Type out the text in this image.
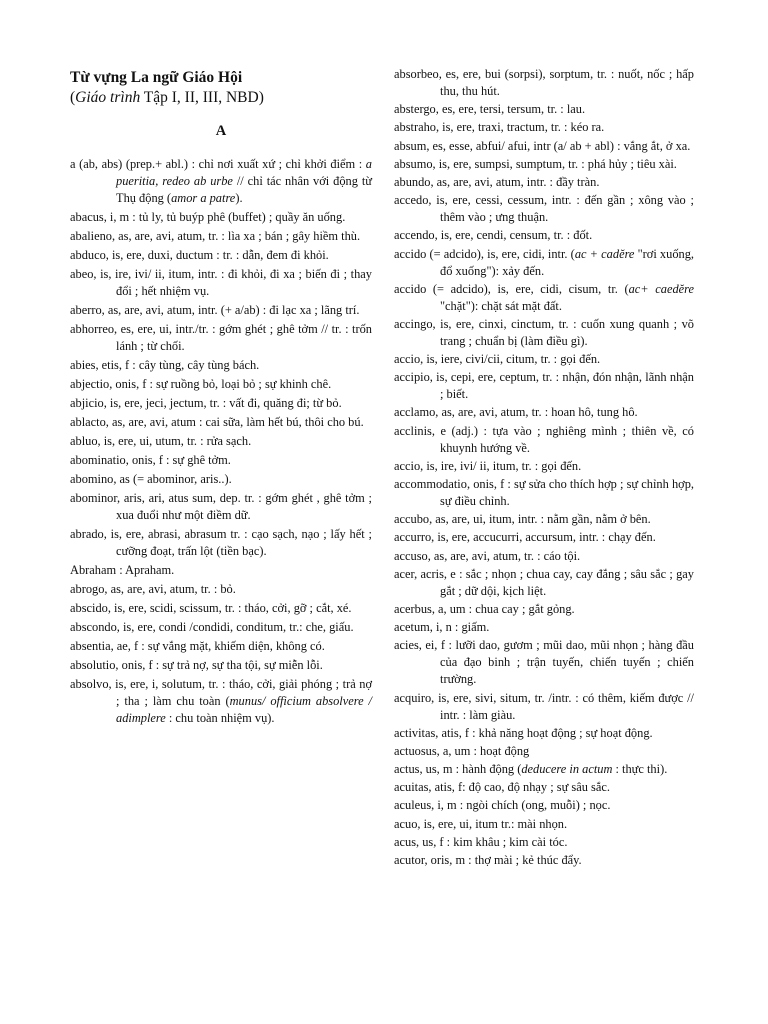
Từ vựng La ngữ Giáo Hội
(Giáo trình Tập I, II, III, NBD)
A

a (ab, abs) (prep.+ abl.) : chỉ nơi xuất xứ ; chỉ khởi điểm : a pueritia, redeo ab urbe // chỉ tác nhân với động từ Thụ động (amor a patre).

abacus, i, m : tủ ly, tủ buýp phê (buffet) ; quầy ăn uống.

abalieno, as, are, avi, atum, tr. : lìa xa ; bán ; gây hiềm thù.

abduco, is, ere, duxi, ductum : tr. : dẫn, đem đi khỏi.

abeo, is, ire, ivi/ ii, itum, intr. : đi khỏi, đi xa ; biến đi ; thay đổi ; hết nhiệm vụ.

aberro, as, are, avi, atum, intr. (+ a/ab) : đi lạc xa ; lãng trí.

abhorreo, es, ere, ui, intr./tr. : gớm ghét ; ghê tởm // tr. : trốn lánh ; từ chối.

abies, etis, f : cây tùng, cây tùng bách.

abjectio, onis, f : sự ruồng bỏ, loại bỏ ; sự khinh chê.

abjicio, is, ere, jeci, jectum, tr. : vất đi, quăng đi; từ bỏ.

ablacto, as, are, avi, atum : cai sữa, làm hết bú, thôi cho bú.

abluo, is, ere, ui, utum, tr. : rửa sạch.

abominatio, onis, f : sự ghê tởm.

abomino, as (= abominor, aris..).

abominor, aris, ari, atus sum, dep. tr. : gớm ghét , ghê tởm ; xua đuổi như một điềm dữ.

abrado, is, ere, abrasi, abrasum tr. : cạo sạch, nạo ; lấy hết ; cưỡng đoạt, trấn lột (tiền bạc).

Abraham : Apraham.

abrogo, as, are, avi, atum, tr. : bỏ.

abscido, is, ere, scidi, scissum, tr. : tháo, cởi, gỡ ; cắt, xé.

abscondo, is, ere, condi /condidi, conditum, tr.: che, giấu.

absentia, ae, f : sự vắng mặt, khiếm diện, không có.

absolutio, onis, f : sự trả nợ, sự tha tội, sự miễn lỗi.

absolvo, is, ere, i, solutum, tr. : tháo, cởi, giải phóng ; trả nợ ; tha ; làm chu toàn (munus/ officium absolvere / adimplere : chu toàn nhiệm vụ).

absorbeo, es, ere, bui (sorpsi), sorptum, tr. : nuốt, nốc ; hấp thu, thu hút.

abstergo, es, ere, tersi, tersum, tr. : lau.

abstraho, is, ere, traxi, tractum, tr. : kéo ra.

absum, es, esse, abfui/ afui, intr (a/ ab + abl) : vắng ắt, ở xa.

absumo, is, ere, sumpsi, sumptum, tr. : phá hủy ; tiêu xài.

abundo, as, are, avi, atum, intr. : đầy tràn.

accedo, is, ere, cessi, cessum, intr. : đến gần ; xông vào ; thêm vào ; ưng thuận.

accendo, is, ere, cendi, censum, tr. : đốt.

accido (= adcido), is, ere, cidi, intr. (ac + cadĕre "rơi xuống, đổ xuống"): xảy đến.

accido (= adcido), is, ere, cidi, cisum, tr. (ac+ caedĕre "chặt"): chặt sát mặt đất.

accingo, is, ere, cinxi, cinctum, tr. : cuốn xung quanh ; võ trang ; chuẩn bị (làm điều gì).

accio, is, iere, civi/cii, citum, tr. : gọi đến.

accipio, is, cepi, ere, ceptum, tr. : nhận, đón nhận, lãnh nhận ; biết.

acclamo, as, are, avi, atum, tr. : hoan hô, tung hô.

acclinis, e (adj.) : tựa vào ; nghiêng mình ; thiên về, có khuynh hướng về.

accio, is, ire, ivi/ ii, itum, tr. : gọi đến.

accommodatio, onis, f : sự sửa cho thích hợp ; sự chỉnh hợp, sự điều chỉnh.

accubo, as, are, ui, itum, intr. : nằm gần, nằm ở bên.

accurro, is, ere, accucurri, accursum, intr. : chạy đến.

accuso, as, are, avi, atum, tr. : cáo tội.

acer, acris, e : sắc ; nhọn ; chua cay, cay đắng ; sâu sắc ; gay gắt ; dữ dội, kịch liệt.

acerbus, a, um : chua cay ; gắt gỏng.

acetum, i, n : giấm.

acies, ei, f : lưỡi dao, gươm ; mũi dao, mũi nhọn ; hàng đầu của đạo binh ; trận tuyến, chiến tuyến ; chiến trường.

acquiro, is, ere, sivi, situm, tr. /intr. : có thêm, kiếm được // intr. : làm giàu.

activitas, atis, f : khả năng hoạt động ; sự hoạt động.

actuosus, a, um : hoạt động

actus, us, m : hành động (deducere in actum : thực thi).

acuitas, atis, f: độ cao, độ nhạy ; sự sâu sắc.

aculeus, i, m : ngòi chích (ong, muỗi) ; nọc.

acuo, is, ere, ui, itum tr.: mài nhọn.

acus, us, f : kim khâu ; kim cài tóc.

acutor, oris, m : thợ mài ; kẻ thúc đẩy.
